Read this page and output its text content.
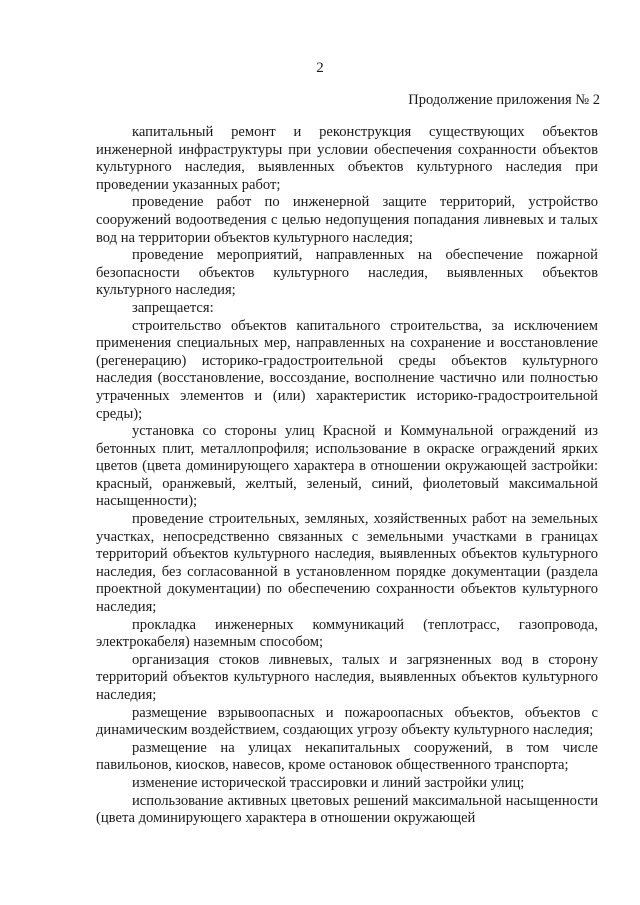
2
Продолжение приложения № 2

капитальный ремонт и реконструкция существующих объектов инженерной инфраструктуры при условии обеспечения сохранности объектов культурного наследия, выявленных объектов культурного наследия при проведении указанных работ;

проведение работ по инженерной защите территорий, устройство сооружений водоотведения с целью недопущения попадания ливневых и талых вод на территории объектов культурного наследия;

проведение мероприятий, направленных на обеспечение пожарной безопасности объектов культурного наследия, выявленных объектов культурного наследия;

запрещается:

строительство объектов капитального строительства, за исключением применения специальных мер, направленных на сохранение и восстановление (регенерацию) историко-градостроительной среды объектов культурного наследия (восстановление, воссоздание, восполнение частично или полностью утраченных элементов и (или) характеристик историко-градостроительной среды);

установка со стороны улиц Красной и Коммунальной ограждений из бетонных плит, металлопрофиля; использование в окраске ограждений ярких цветов (цвета доминирующего характера в отношении окружающей застройки: красный, оранжевый, желтый, зеленый, синий, фиолетовый максимальной насыщенности);

проведение строительных, земляных, хозяйственных работ на земельных участках, непосредственно связанных с земельными участками в границах территорий объектов культурного наследия, выявленных объектов культурного наследия, без согласованной в установленном порядке документации (раздела проектной документации) по обеспечению сохранности объектов культурного наследия;

прокладка инженерных коммуникаций (теплотрасс, газопровода, электрокабеля) наземным способом;

организация стоков ливневых, талых и загрязненных вод в сторону территорий объектов культурного наследия, выявленных объектов культурного наследия;

размещение взрывоопасных и пожароопасных объектов, объектов с динамическим воздействием, создающих угрозу объекту культурного наследия;

размещение на улицах некапитальных сооружений, в том числе павильонов, киосков, навесов, кроме остановок общественного транспорта;

изменение исторической трассировки и линий застройки улиц;

использование активных цветовых решений максимальной насыщенности (цвета доминирующего характера в отношении окружающей
